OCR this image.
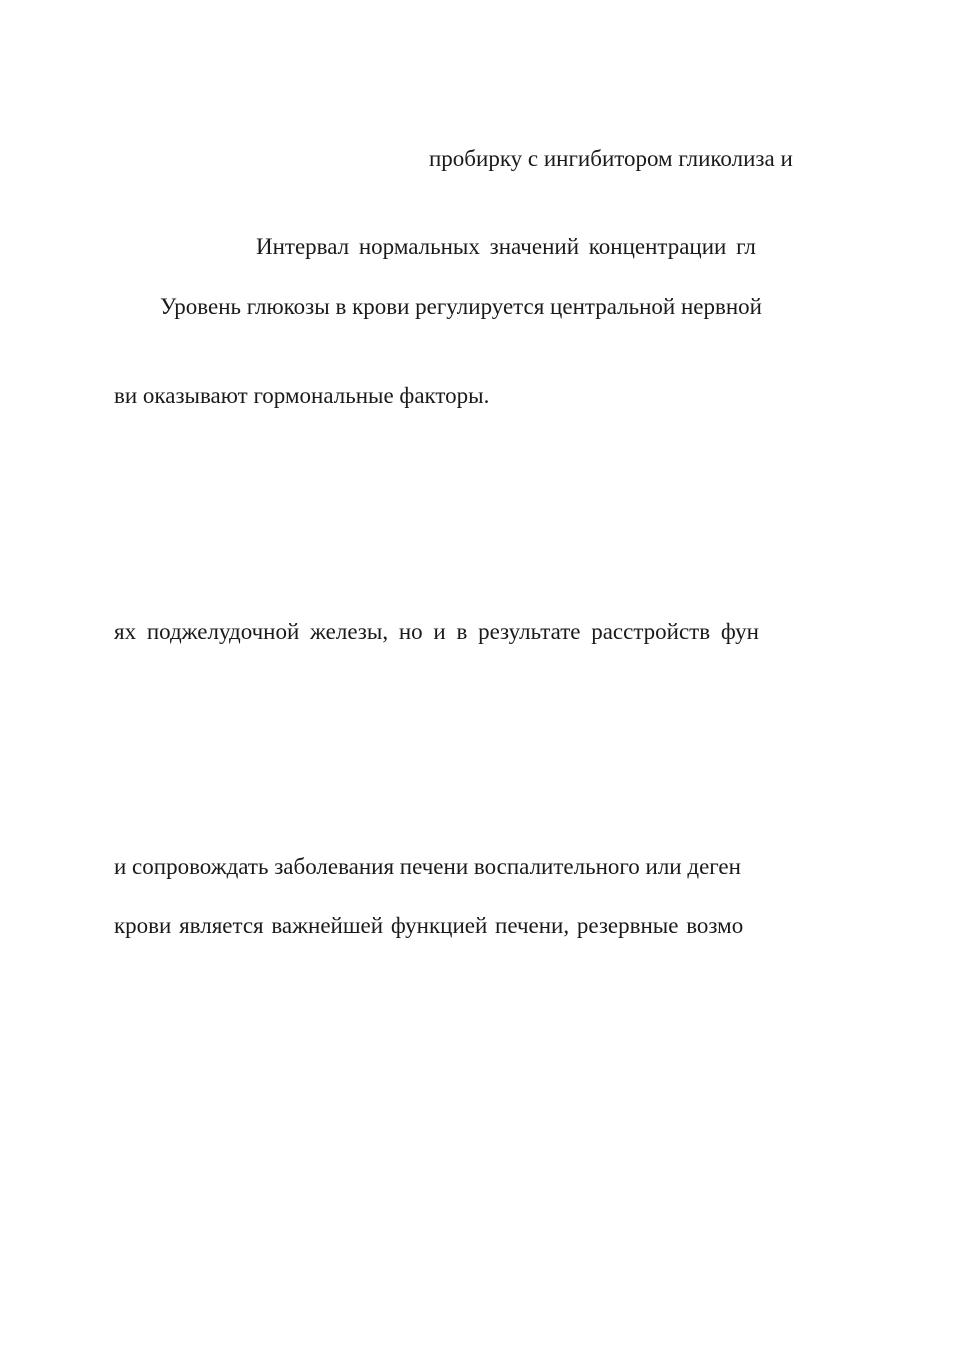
пробирку с ингибитором гликолиза и

Интервал нормальных значений концентрации гл

Уровень глюкозы в крови регулируется центральной нервной

ви оказывают гормональные факторы.

ях поджелудочной железы, но и в результате расстройств фун

и сопровождать заболевания печени воспалительного или деген

крови является важнейшей функцией печени, резервные возмо
